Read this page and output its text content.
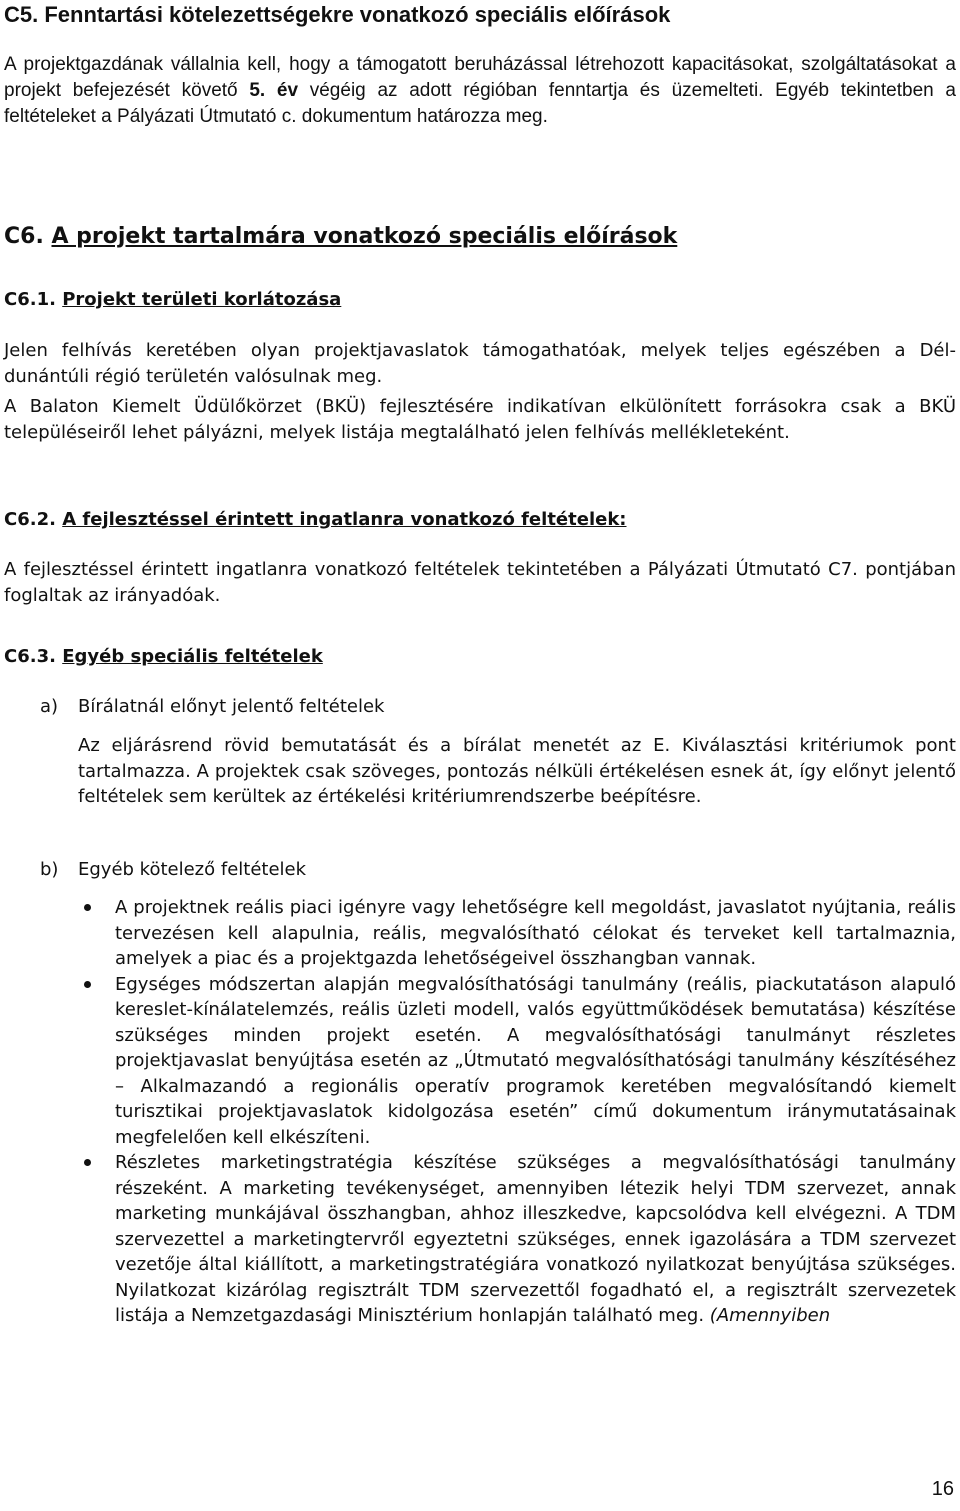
C5. Fenntartási kötelezettségekre vonatkozó speciális előírások

A projektgazdának vállalnia kell, hogy a támogatott beruházással létrehozott kapacitásokat, szolgáltatásokat a projekt befejezését követő 5. év végéig az adott régióban fenntartja és üzemelteti. Egyéb tekintetben a feltételeket a Pályázati Útmutató c. dokumentum határozza meg.

C6. A projekt tartalmára vonatkozó speciális előírások
C6.1. Projekt területi korlátozása

Jelen felhívás keretében olyan projektjavaslatok támogathatóak, melyek teljes egészében a Dél-dunántúli régió területén valósulnak meg.

A Balaton Kiemelt Üdülőkörzet (BKÜ) fejlesztésére indikatívan elkülönített forrásokra csak a BKÜ településeiről lehet pályázni, melyek listája megtalálható jelen felhívás mellékleteként.

C6.2. A fejlesztéssel érintett ingatlanra vonatkozó feltételek:

A fejlesztéssel érintett ingatlanra vonatkozó feltételek tekintetében a Pályázati Útmutató C7. pontjában foglaltak az irányadóak.

C6.3. Egyéb speciális feltételek
a) Bírálatnál előnyt jelentő feltételek

Az eljárásrend rövid bemutatását és a bírálat menetét az E. Kiválasztási kritériumok pont tartalmazza. A projektek csak szöveges, pontozás nélküli értékelésen esnek át, így előnyt jelentő feltételek sem kerültek az értékelési kritériumrendszerbe beépítésre.

b) Egyéb kötelező feltételek
A projektnek reális piaci igényre vagy lehetőségre kell megoldást, javaslatot nyújtania, reális tervezésen kell alapulnia, reális, megvalósítható célokat és terveket kell tartalmaznia, amelyek a piac és a projektgazda lehetőségeivel összhangban vannak.
Egységes módszertan alapján megvalósíthatósági tanulmány (reális, piackutatáson alapuló kereslet-kínálatelemzés, reális üzleti modell, valós együttműködések bemutatása) készítése szükséges minden projekt esetén. A megvalósíthatósági tanulmányt részletes projektjavaslat benyújtása esetén az „Útmutató megvalósíthatósági tanulmány készítéséhez – Alkalmazandó a regionális operatív programok keretében megvalósítandó kiemelt turisztikai projektjavaslatok kidolgozása esetén” című dokumentum iránymutatásainak megfelelően kell elkészíteni.
Részletes marketingstratégia készítése szükséges a megvalósíthatósági tanulmány részeként. A marketing tevékenységet, amennyiben létezik helyi TDM szervezet, annak marketing munkájával összhangban, ahhoz illeszkedve, kapcsolódva kell elvégezni. A TDM szervezettel a marketingtervről egyeztetni szükséges, ennek igazolására a TDM szervezet vezetője által kiállított, a marketingstratégiára vonatkozó nyilatkozat benyújtása szükséges. Nyilatkozat kizárólag regisztrált TDM szervezettől fogadható el, a regisztrált szervezetek listája a Nemzetgazdasági Minisztérium honlapján található meg. (Amennyiben
16
